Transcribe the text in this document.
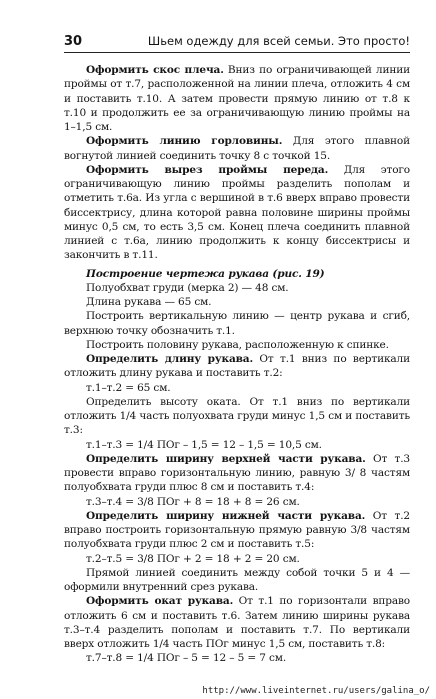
30	Шьем одежду для всей семьи. Это просто!

Оформить скос плеча. Вниз по ограничивающей линии проймы от т.7, расположенной на линии плеча, отложить 4 см и поставить т.10. А затем провести прямую линию от т.8 к т.10 и продолжить ее за ограничивающую линию проймы на 1–1,5 см.

Оформить линию горловины. Для этого плавной вогнутой линией соединить точку 8 с точкой 15.

Оформить вырез проймы переда. Для этого ограничивающую линию проймы разделить пополам и отметить т.6а. Из угла с вершиной в т.6 вверх вправо провести биссектрису, длина которой равна половине ширины проймы минус 0,5 см, то есть 3,5 см. Конец плеча соединить плавной линией с т.6а, линию продолжить к концу биссектрисы и закончить в т.11.

Построение чертежа рукава (рис. 19)

Полуобхват груди (мерка 2) — 48 см.

Длина рукава — 65 см.

Построить вертикальную линию — центр рукава и сгиб, верхнюю точку обозначить т.1.

Построить половину рукава, расположенную к спинке.

Определить длину рукава. От т.1 вниз по вертикали отложить длину рукава и поставить т.2:

т.1–т.2 = 65 см.

Определить высоту оката. От т.1 вниз по вертикали отложить 1/4 часть полуохвата груди минус 1,5 см и поставить т.3:

т.1–т.3 = 1/4 ПОг – 1,5 = 12 – 1,5 = 10,5 см.

Определить ширину верхней части рукава. От т.3 провести вправо горизонтальную линию, равную 3/ 8 частям полуобхвата груди плюс 8 см и поставить т.4:

т.3–т.4 = 3/8 ПОг + 8 = 18 + 8 = 26 см.

Определить ширину нижней части рукава. От т.2 вправо построить горизонтальную прямую равную 3/8 частям полуобхвата груди плюс 2 см и поставить т.5:

т.2–т.5 = 3/8 ПОг + 2 = 18 + 2 = 20 см.

Прямой линией соединить между собой точки 5 и 4 — оформили внутренний срез рукава.

Оформить окат рукава. От т.1 по горизонтали вправо отложить 6 см и поставить т.6. Затем линию ширины рукава т.3–т.4 разделить пополам и поставить т.7. По вертикали вверх отложить 1/4 часть ПОг минус 1,5 см, поставить т.8:

т.7–т.8 = 1/4 ПОг – 5 = 12 – 5 = 7 см.

http://www.liveinternet.ru/users/galina_o/
